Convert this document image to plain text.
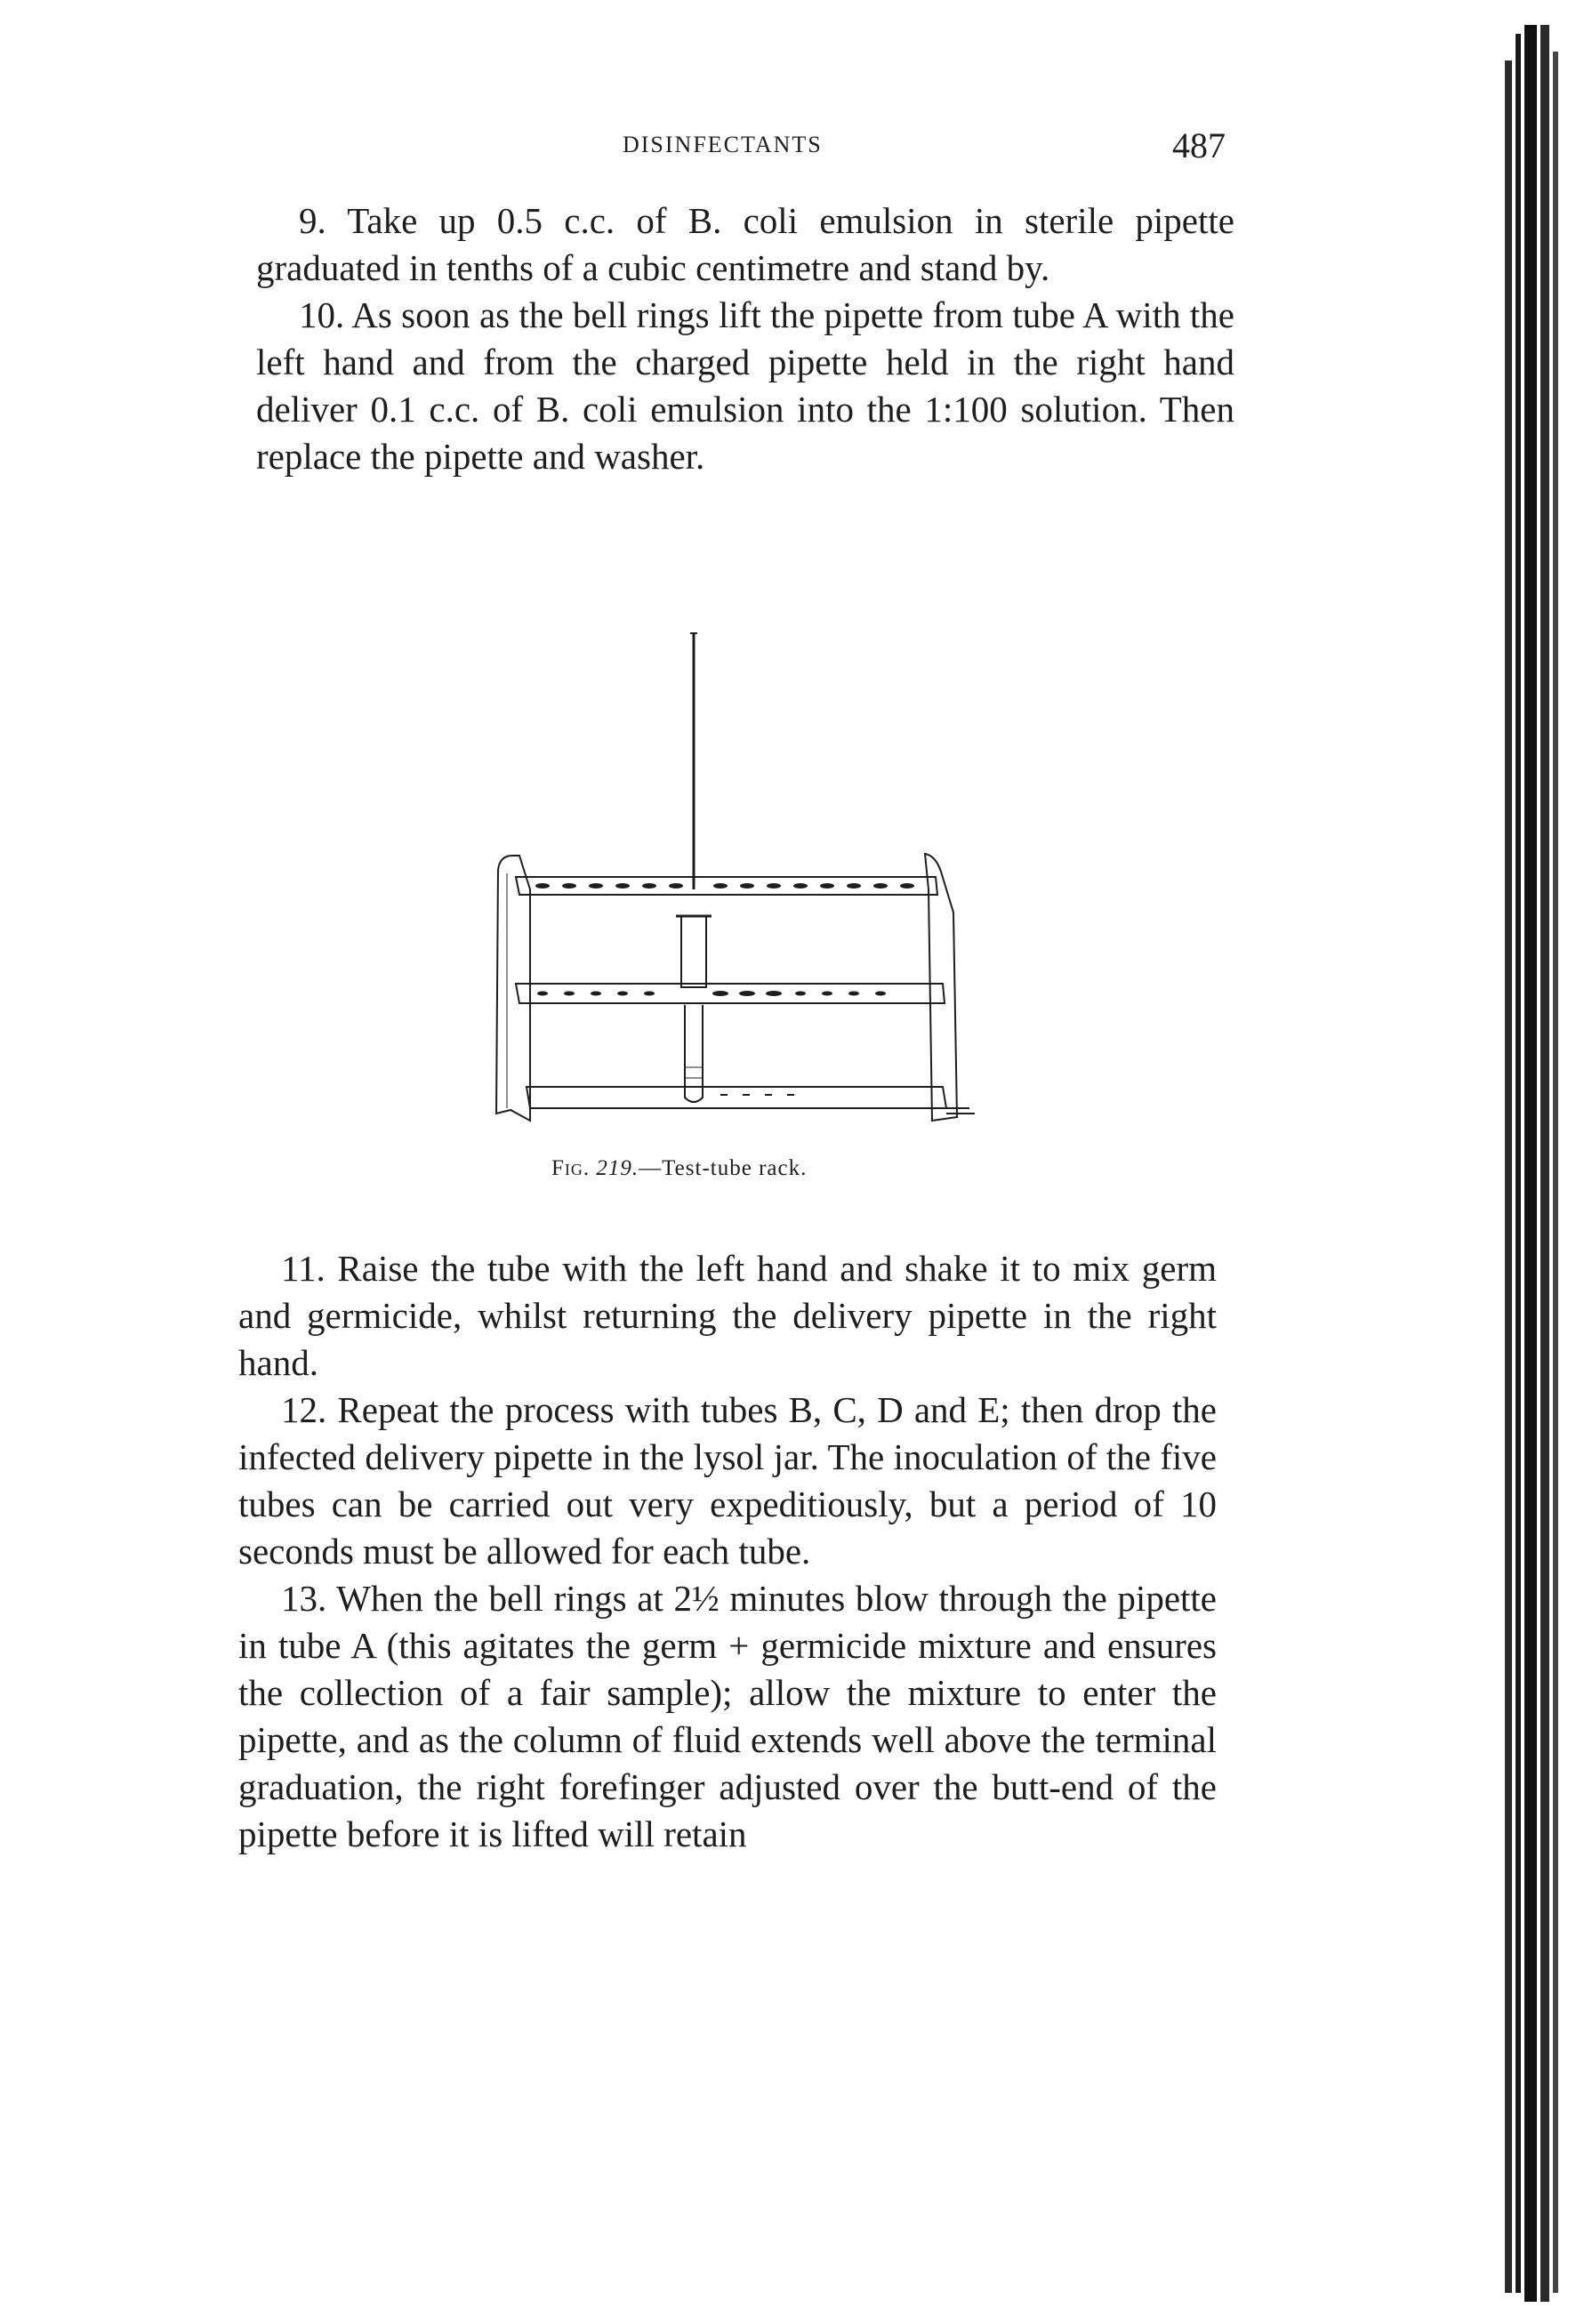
DISINFECTANTS	487

9. Take up 0.5 c.c. of B. coli emulsion in sterile pipette graduated in tenths of a cubic centimetre and stand by.

10. As soon as the bell rings lift the pipette from tube A with the left hand and from the charged pipette held in the right hand deliver 0.1 c.c. of B. coli emulsion into the 1:100 solution. Then replace the pipette and washer.

Fig. 219.—Test-tube rack.

11. Raise the tube with the left hand and shake it to mix germ and germicide, whilst returning the delivery pipette in the right hand.

12. Repeat the process with tubes B, C, D and E; then drop the infected delivery pipette in the lysol jar. The inoculation of the five tubes can be carried out very expeditiously, but a period of 10 seconds must be allowed for each tube.

13. When the bell rings at 2½ minutes blow through the pipette in tube A (this agitates the germ + germicide mixture and ensures the collection of a fair sample); allow the mixture to enter the pipette, and as the column of fluid extends well above the terminal graduation, the right forefinger adjusted over the butt-end of the pipette before it is lifted will retain
